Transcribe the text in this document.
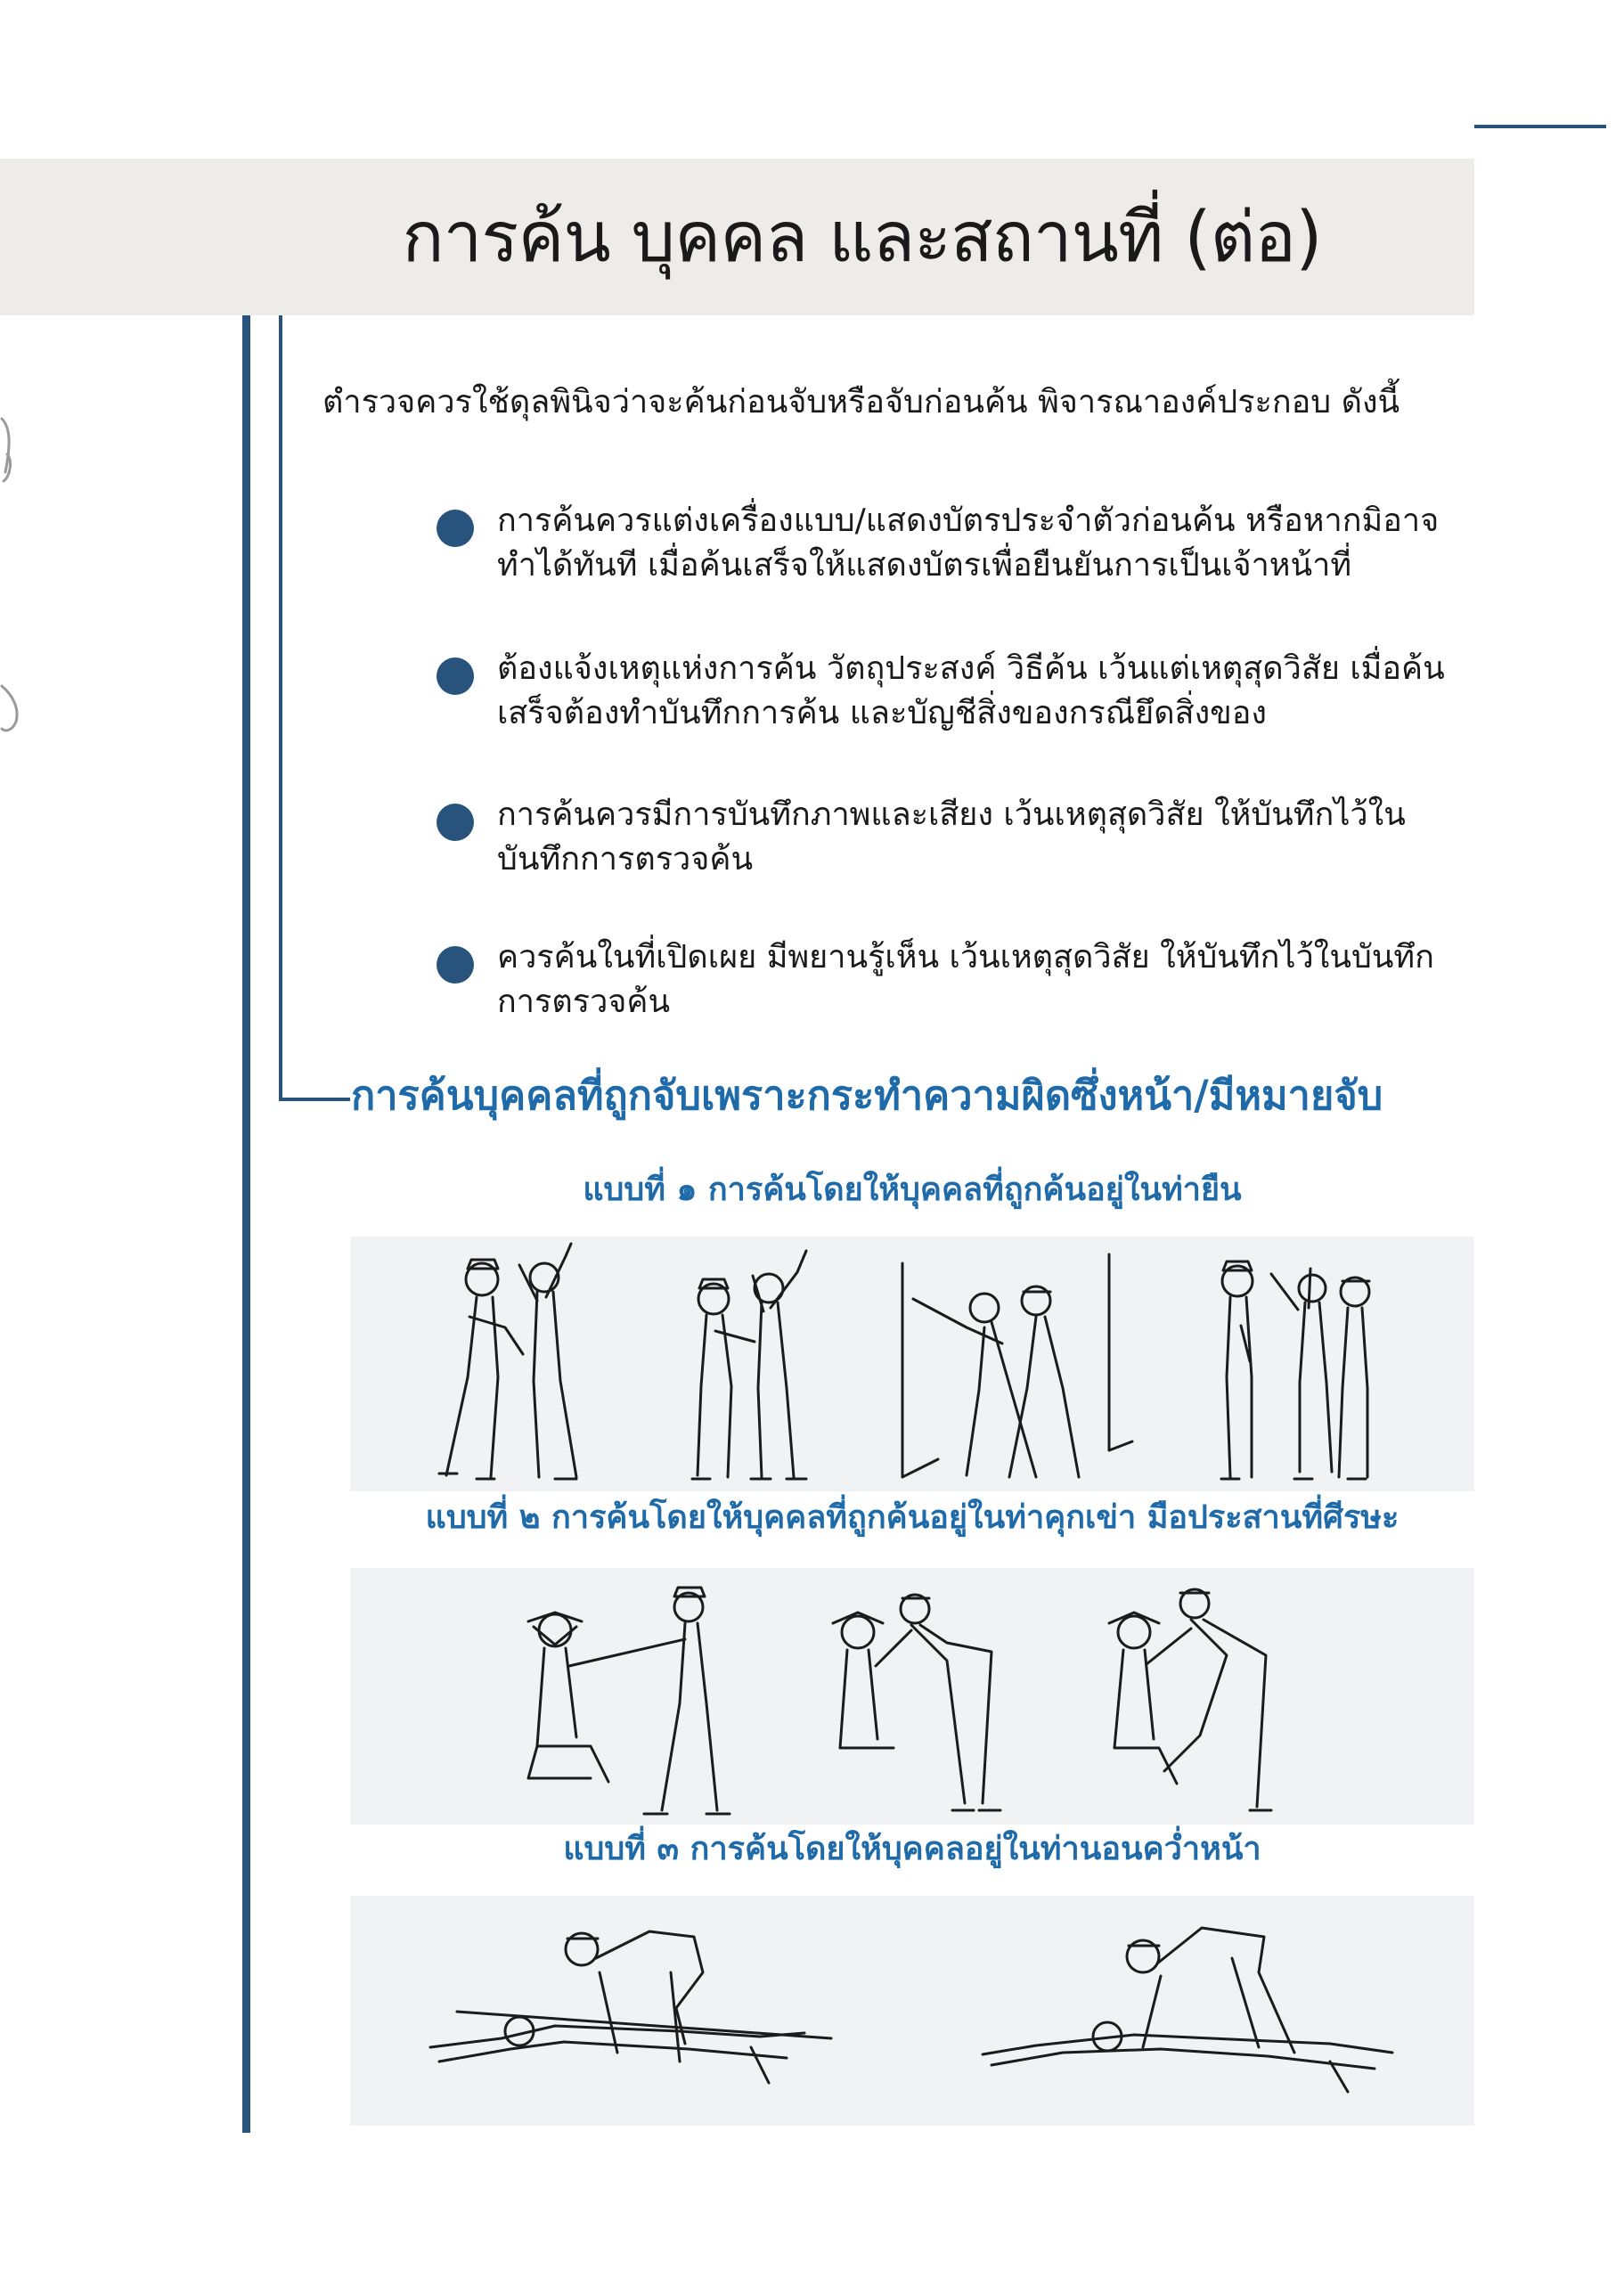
การค้น บุคคล และสถานที่ (ต่อ)

ตำรวจควรใช้ดุลพินิจว่าจะค้นก่อนจับหรือจับก่อนค้น พิจารณาองค์ประกอบ ดังนี้

การค้นควรแต่งเครื่องแบบ/แสดงบัตรประจำตัวก่อนค้น หรือหากมิอาจ
ทำได้ทันที เมื่อค้นเสร็จให้แสดงบัตรเพื่อยืนยันการเป็นเจ้าหน้าที่
ต้องแจ้งเหตุแห่งการค้น วัตถุประสงค์ วิธีค้น เว้นแต่เหตุสุดวิสัย เมื่อค้น
เสร็จต้องทำบันทึกการค้น และบัญชีสิ่งของกรณียึดสิ่งของ
การค้นควรมีการบันทึกภาพและเสียง เว้นเหตุสุดวิสัย ให้บันทึกไว้ใน
บันทึกการตรวจค้น
ควรค้นในที่เปิดเผย มีพยานรู้เห็น เว้นเหตุสุดวิสัย ให้บันทึกไว้ในบันทึก
การตรวจค้น
การค้นบุคคลที่ถูกจับเพราะกระทำความผิดซึ่งหน้า/มีหมายจับ

แบบที่ ๑ การค้นโดยให้บุคคลที่ถูกค้นอยู่ในท่ายืน

แบบที่ ๒ การค้นโดยให้บุคคลที่ถูกค้นอยู่ในท่าคุกเข่า มือประสานที่ศีรษะ

แบบที่ ๓ การค้นโดยให้บุคคลอยู่ในท่านอนคว่ำหน้า
